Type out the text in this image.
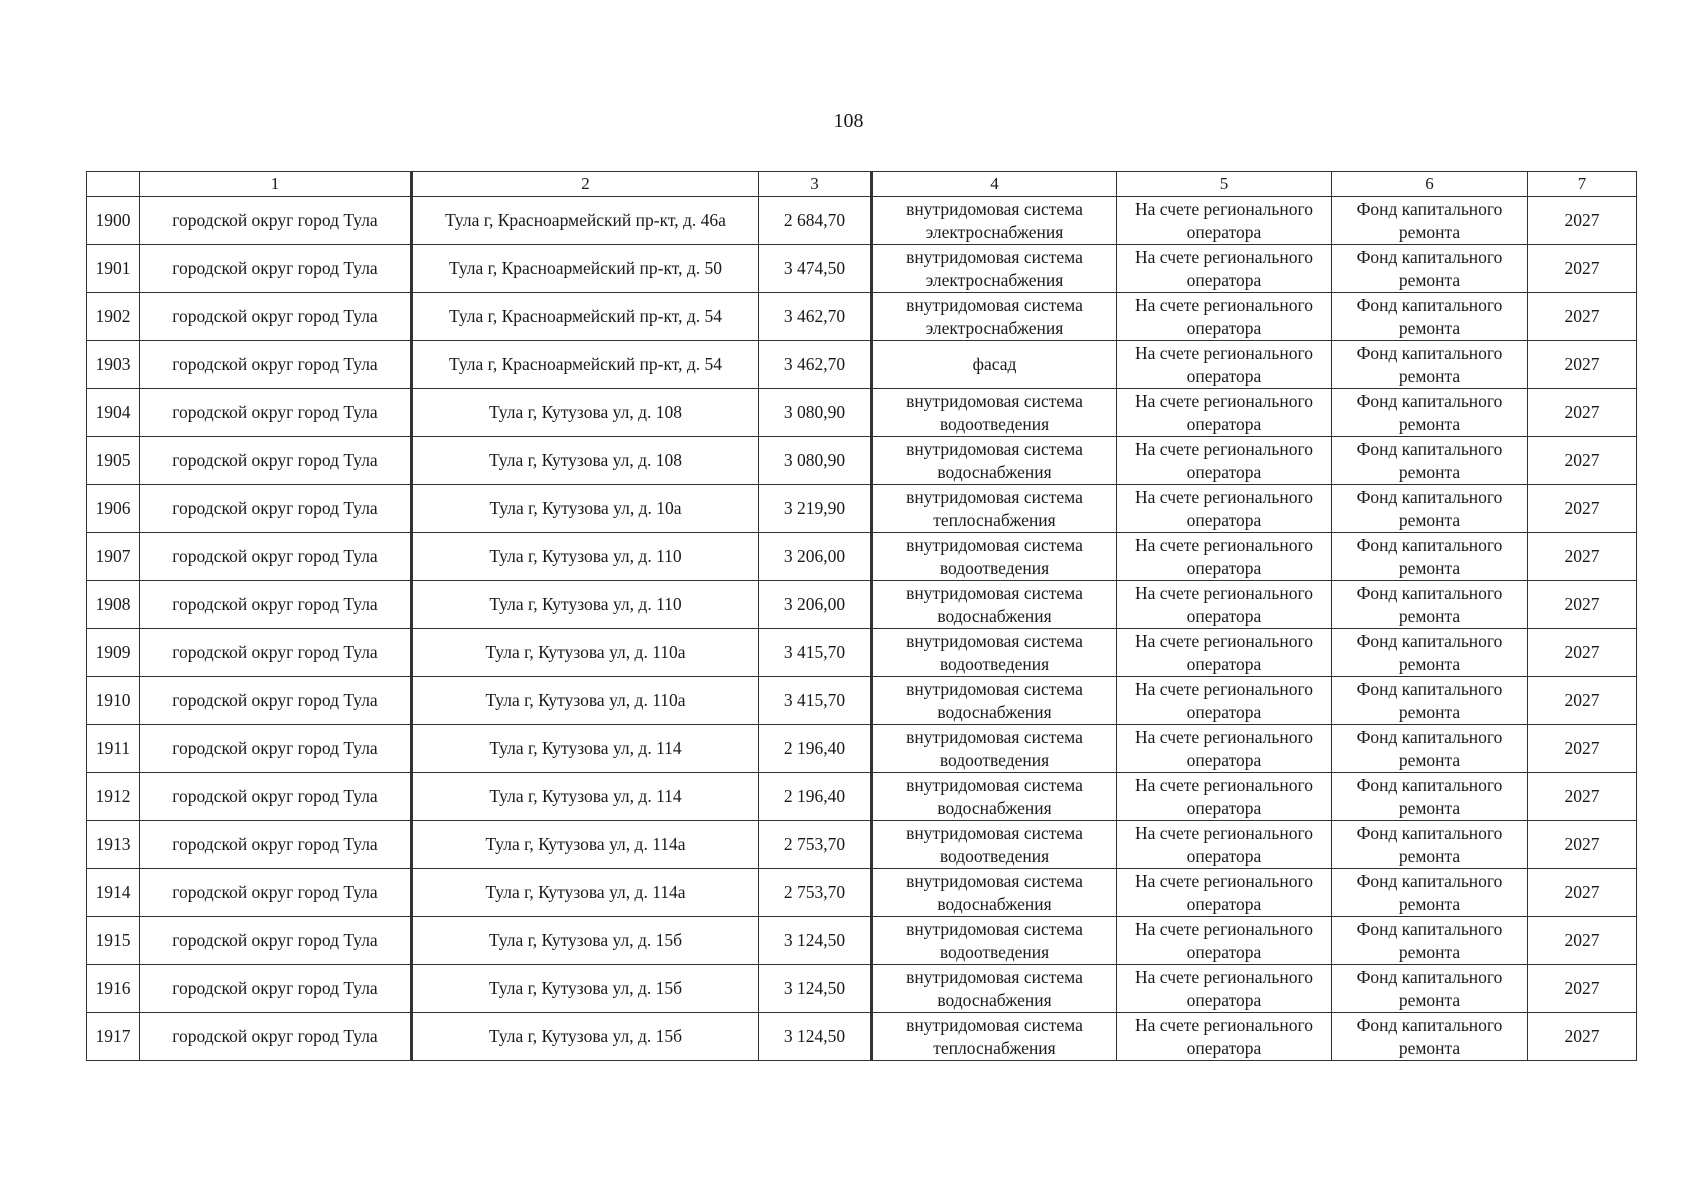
108
	1	2	3	4	5	6	7
1900	городской округ город Тула	Тула г, Красноармейский пр-кт, д. 46а	2 684,70	внутридомовая система электроснабжения	На счете регионального оператора	Фонд капитального ремонта	2027
1901	городской округ город Тула	Тула г, Красноармейский пр-кт, д. 50	3 474,50	внутридомовая система электроснабжения	На счете регионального оператора	Фонд капитального ремонта	2027
1902	городской округ город Тула	Тула г, Красноармейский пр-кт, д. 54	3 462,70	внутридомовая система электроснабжения	На счете регионального оператора	Фонд капитального ремонта	2027
1903	городской округ город Тула	Тула г, Красноармейский пр-кт, д. 54	3 462,70	фасад	На счете регионального оператора	Фонд капитального ремонта	2027
1904	городской округ город Тула	Тула г, Кутузова ул, д. 108	3 080,90	внутридомовая система водоотведения	На счете регионального оператора	Фонд капитального ремонта	2027
1905	городской округ город Тула	Тула г, Кутузова ул, д. 108	3 080,90	внутридомовая система водоснабжения	На счете регионального оператора	Фонд капитального ремонта	2027
1906	городской округ город Тула	Тула г, Кутузова ул, д. 10а	3 219,90	внутридомовая система теплоснабжения	На счете регионального оператора	Фонд капитального ремонта	2027
1907	городской округ город Тула	Тула г, Кутузова ул, д. 110	3 206,00	внутридомовая система водоотведения	На счете регионального оператора	Фонд капитального ремонта	2027
1908	городской округ город Тула	Тула г, Кутузова ул, д. 110	3 206,00	внутридомовая система водоснабжения	На счете регионального оператора	Фонд капитального ремонта	2027
1909	городской округ город Тула	Тула г, Кутузова ул, д. 110а	3 415,70	внутридомовая система водоотведения	На счете регионального оператора	Фонд капитального ремонта	2027
1910	городской округ город Тула	Тула г, Кутузова ул, д. 110а	3 415,70	внутридомовая система водоснабжения	На счете регионального оператора	Фонд капитального ремонта	2027
1911	городской округ город Тула	Тула г, Кутузова ул, д. 114	2 196,40	внутридомовая система водоотведения	На счете регионального оператора	Фонд капитального ремонта	2027
1912	городской округ город Тула	Тула г, Кутузова ул, д. 114	2 196,40	внутридомовая система водоснабжения	На счете регионального оператора	Фонд капитального ремонта	2027
1913	городской округ город Тула	Тула г, Кутузова ул, д. 114а	2 753,70	внутридомовая система водоотведения	На счете регионального оператора	Фонд капитального ремонта	2027
1914	городской округ город Тула	Тула г, Кутузова ул, д. 114а	2 753,70	внутридомовая система водоснабжения	На счете регионального оператора	Фонд капитального ремонта	2027
1915	городской округ город Тула	Тула г, Кутузова ул, д. 15б	3 124,50	внутридомовая система водоотведения	На счете регионального оператора	Фонд капитального ремонта	2027
1916	городской округ город Тула	Тула г, Кутузова ул, д. 15б	3 124,50	внутридомовая система водоснабжения	На счете регионального оператора	Фонд капитального ремонта	2027
1917	городской округ город Тула	Тула г, Кутузова ул, д. 15б	3 124,50	внутридомовая система теплоснабжения	На счете регионального оператора	Фонд капитального ремонта	2027
